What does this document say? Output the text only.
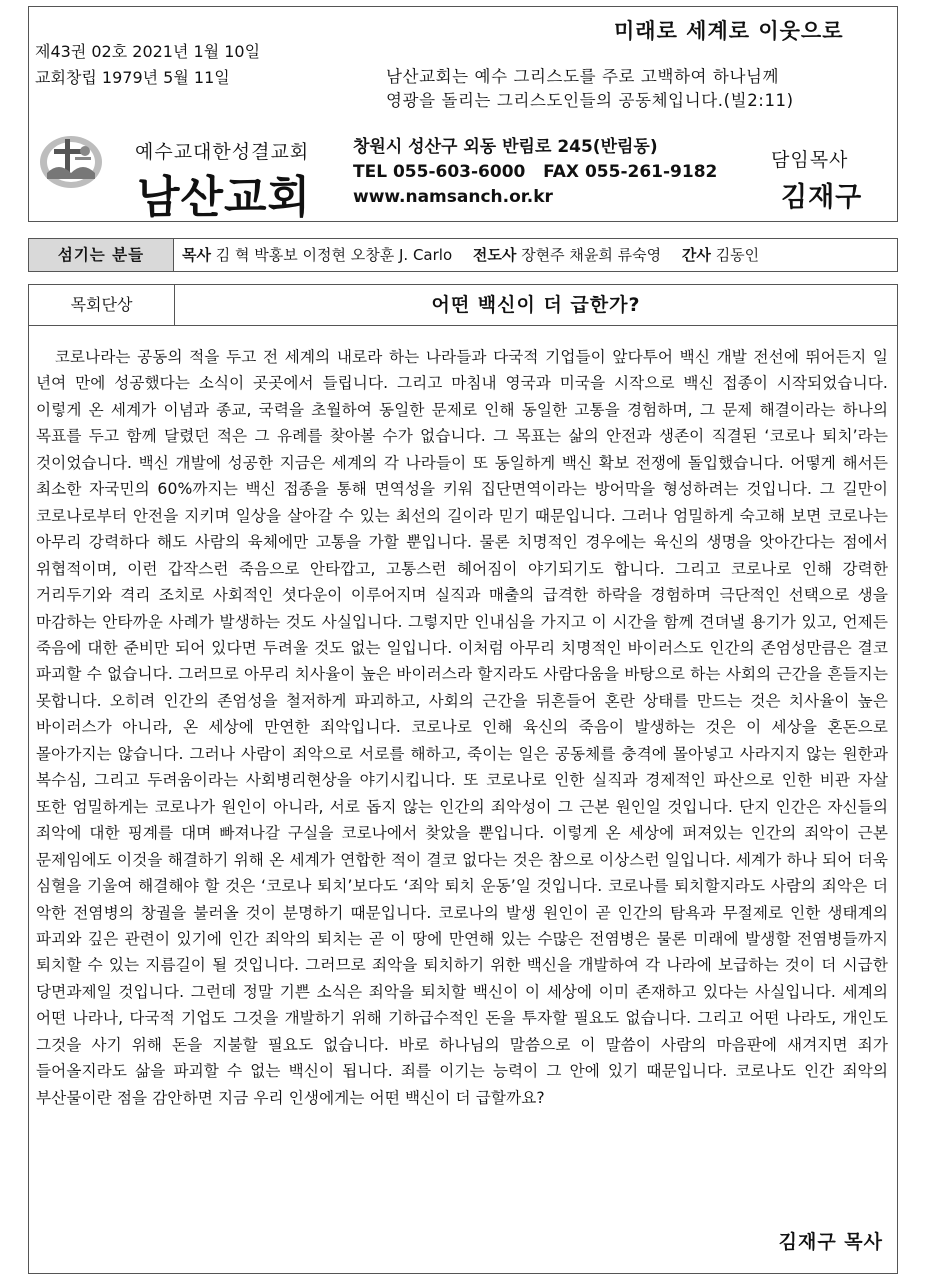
미래로 세계로 이웃으로
제43권 02호 2021년 1월 10일
교회창립 1979년 5월 11일	남산교회는 예수 그리스도를 주로 고백하여 하나님께
영광을 돌리는 그리스도인들의 공동체입니다.(빌2:11)
예수교대한성결교회
남산교회
창원시 성산구 외동 반림로 245(반림동)
TEL 055-603-6000   FAX 055-261-9182
www.namsanch.or.kr
담임목사
김재구
섬기는 분들	목사 김 혁 박홍보 이정현 오창훈 J. Carlo 전도사 장현주 채윤희 류숙영 간사 김동인
목회단상	어떤 백신이 더 급한가?
코로나라는 공동의 적을 두고 전 세계의 내로라 하는 나라들과 다국적 기업들이 앞다투어 백신 개발 전선에 뛰어든지 일 년여 만에 성공했다는 소식이 곳곳에서 들립니다. 그리고 마침내 영국과 미국을 시작으로 백신 접종이 시작되었습니다. 이렇게 온 세계가 이념과 종교, 국력을 초월하여 동일한 문제로 인해 동일한 고통을 경험하며, 그 문제 해결이라는 하나의 목표를 두고 함께 달렸던 적은 그 유례를 찾아볼 수가 없습니다. 그 목표는 삶의 안전과 생존이 직결된 ‘코로나 퇴치’라는 것이었습니다. 백신 개발에 성공한 지금은 세계의 각 나라들이 또 동일하게 백신 확보 전쟁에 돌입했습니다. 어떻게 해서든 최소한 자국민의 60%까지는 백신 접종을 통해 면역성을 키워 집단면역이라는 방어막을 형성하려는 것입니다. 그 길만이 코로나로부터 안전을 지키며 일상을 살아갈 수 있는 최선의 길이라 믿기 때문입니다. 그러나 엄밀하게 숙고해 보면 코로나는 아무리 강력하다 해도 사람의 육체에만 고통을 가할 뿐입니다. 물론 치명적인 경우에는 육신의 생명을 앗아간다는 점에서 위협적이며, 이런 갑작스런 죽음으로 안타깝고, 고통스런 헤어짐이 야기되기도 합니다. 그리고 코로나로 인해 강력한 거리두기와 격리 조치로 사회적인 셧다운이 이루어지며 실직과 매출의 급격한 하락을 경험하며 극단적인 선택으로 생을 마감하는 안타까운 사례가 발생하는 것도 사실입니다. 그렇지만 인내심을 가지고 이 시간을 함께 견뎌낼 용기가 있고, 언제든 죽음에 대한 준비만 되어 있다면 두려울 것도 없는 일입니다. 이처럼 아무리 치명적인 바이러스도 인간의 존엄성만큼은 결코 파괴할 수 없습니다. 그러므로 아무리 치사율이 높은 바이러스라 할지라도 사람다움을 바탕으로 하는 사회의 근간을 흔들지는 못합니다. 오히려 인간의 존엄성을 철저하게 파괴하고, 사회의 근간을 뒤흔들어 혼란 상태를 만드는 것은 치사율이 높은 바이러스가 아니라, 온 세상에 만연한 죄악입니다. 코로나로 인해 육신의 죽음이 발생하는 것은 이 세상을 혼돈으로 몰아가지는 않습니다. 그러나 사람이 죄악으로 서로를 해하고, 죽이는 일은 공동체를 충격에 몰아넣고 사라지지 않는 원한과 복수심, 그리고 두려움이라는 사회병리현상을 야기시킵니다. 또 코로나로 인한 실직과 경제적인 파산으로 인한 비관 자살 또한 엄밀하게는 코로나가 원인이 아니라, 서로 돕지 않는 인간의 죄악성이 그 근본 원인일 것입니다. 단지 인간은 자신들의 죄악에 대한 핑계를 대며 빠져나갈 구실을 코로나에서 찾았을 뿐입니다. 이렇게 온 세상에 퍼져있는 인간의 죄악이 근본 문제임에도 이것을 해결하기 위해 온 세계가 연합한 적이 결코 없다는 것은 참으로 이상스런 일입니다. 세계가 하나 되어 더욱 심혈을 기울여 해결해야 할 것은 ‘코로나 퇴치’보다도 ‘죄악 퇴치 운동’일 것입니다. 코로나를 퇴치할지라도 사람의 죄악은 더 악한 전염병의 창궐을 불러올 것이 분명하기 때문입니다. 코로나의 발생 원인이 곧 인간의 탐욕과 무절제로 인한 생태계의 파괴와 깊은 관련이 있기에 인간 죄악의 퇴치는 곧 이 땅에 만연해 있는 수많은 전염병은 물론 미래에 발생할 전염병들까지 퇴치할 수 있는 지름길이 될 것입니다. 그러므로 죄악을 퇴치하기 위한 백신을 개발하여 각 나라에 보급하는 것이 더 시급한 당면과제일 것입니다. 그런데 정말 기쁜 소식은 죄악을 퇴치할 백신이 이 세상에 이미 존재하고 있다는 사실입니다. 세계의 어떤 나라나, 다국적 기업도 그것을 개발하기 위해 기하급수적인 돈을 투자할 필요도 없습니다. 그리고 어떤 나라도, 개인도 그것을 사기 위해 돈을 지불할 필요도 없습니다. 바로 하나님의 말씀으로 이 말씀이 사람의 마음판에 새겨지면 죄가 들어올지라도 삶을 파괴할 수 없는 백신이 됩니다. 죄를 이기는 능력이 그 안에 있기 때문입니다. 코로나도 인간 죄악의 부산물이란 점을 감안하면 지금 우리 인생에게는 어떤 백신이 더 급할까요?
김재구 목사
